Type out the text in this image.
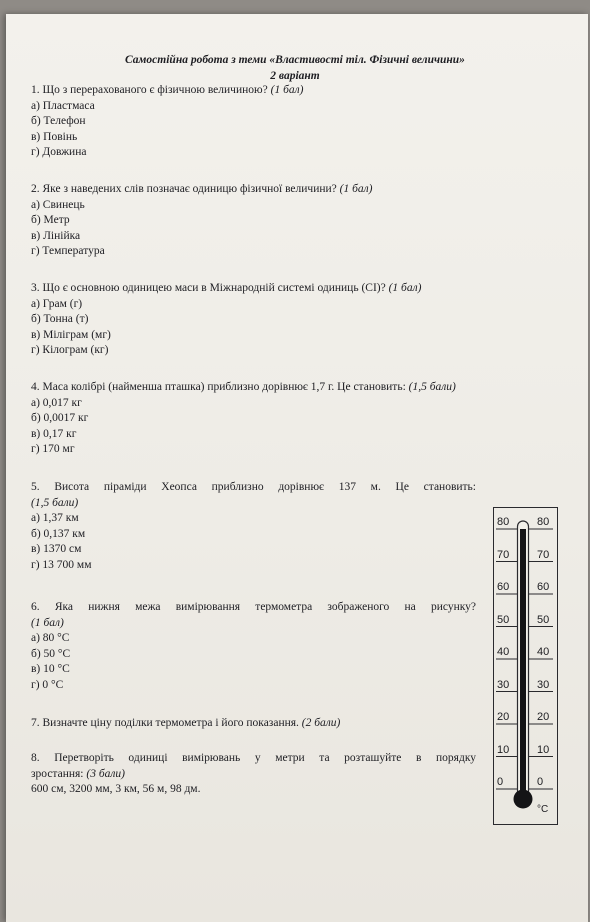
Самостійна робота з теми «Властивості тіл. Фізичні величини»
2 варіант
1. Що з перерахованого є фізичною величиною? (1 бал)
а) Пластмаса
б) Телефон
в) Повінь
г) Довжина
2. Яке з наведених слів позначає одиницю фізичної величини? (1 бал)
а) Свинець
б) Метр
в) Лінійка
г) Температура
3. Що є основною одиницею маси в Міжнародній системі одиниць (СІ)? (1 бал)
а) Грам (г)
б) Тонна (т)
в) Міліграм (мг)
г) Кілограм (кг)
4. Маса колібрі (найменша пташка) приблизно дорівнює 1,7 г. Це становить: (1,5 бали)
а) 0,017 кг
б) 0,0017 кг
в) 0,17 кг
г) 170 мг
5. Висота піраміди Хеопса приблизно дорівнює 137 м. Це становить:
(1,5 бали)
а) 1,37 км
б) 0,137 км
в) 1370 см
г) 13 700 мм
6. Яка нижня межа вимірювання термометра зображеного на рисунку?
(1 бал)
а) 80 °С
б) 50 °С
в) 10 °С
г) 0 °С
7. Визначте ціну поділки термометра і його показання. (2 бали)
8. Перетворіть одиниці вимірювань у метри та розташуйте в порядку
зростання: (3 бали)
600 см, 3200 мм, 3 км, 56 м, 98 дм.
°C
80	80
70	70
60	60
50	50
40	40
30	30
20	20
10	10
0	0
